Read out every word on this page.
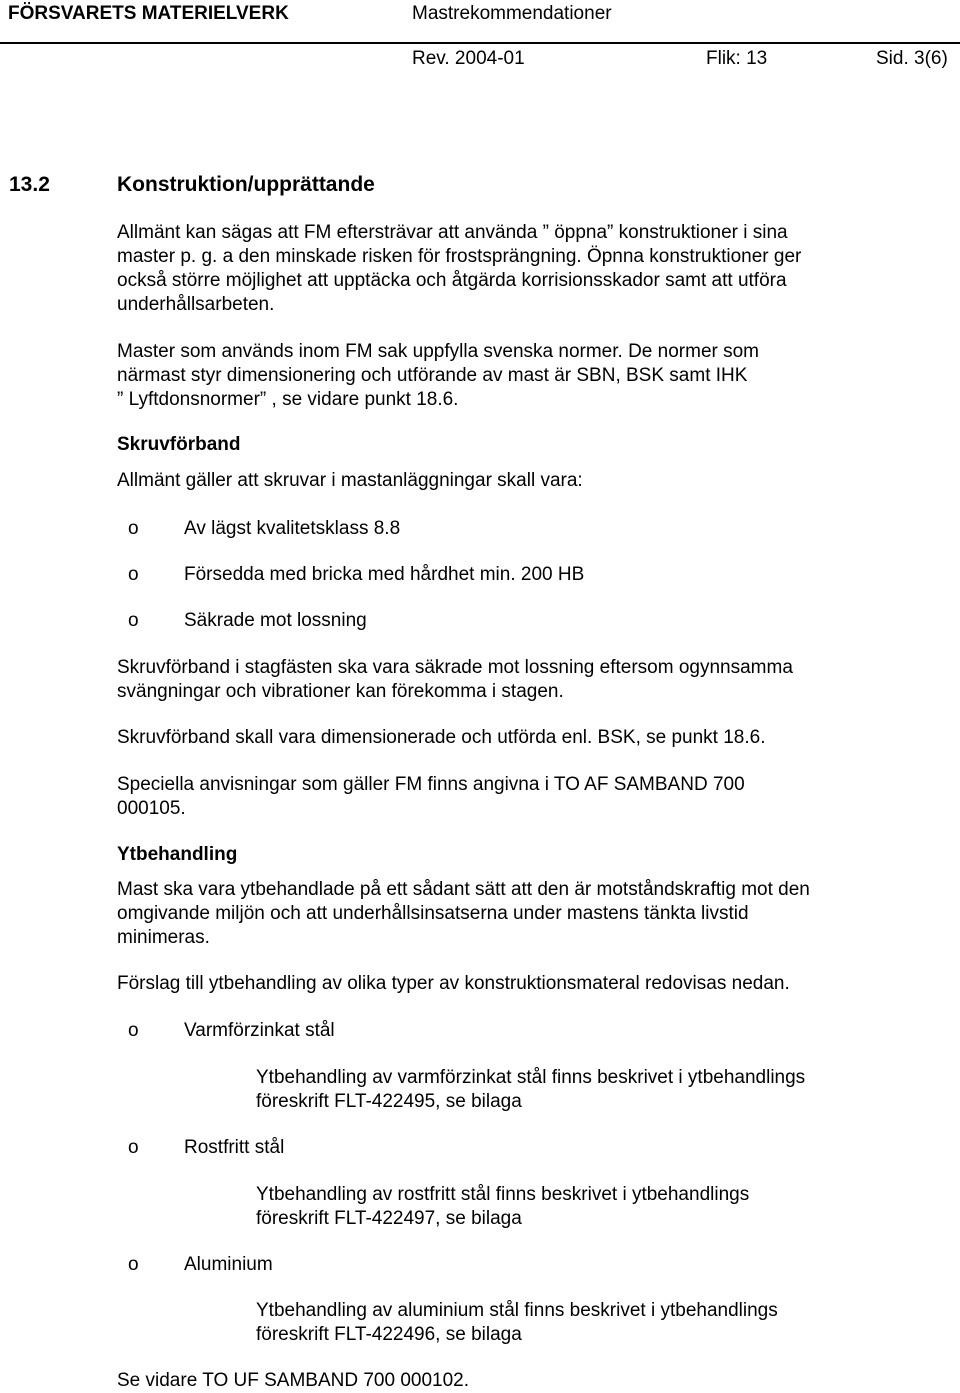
FÖRSVARETS MATERIELVERK	Mastrekommendationer
Rev. 2004-01	Flik: 13	Sid. 3(6)
13.2	Konstruktion/upprättande
Allmänt kan sägas att FM eftersträvar att använda ” öppna” konstruktioner i sina
master p. g. a den minskade risken för frostsprängning. Öpnna konstruktioner ger
också större möjlighet att upptäcka och åtgärda korrisionsskador samt att utföra
underhållsarbeten.
Master som används inom FM sak uppfylla svenska normer. De normer som
närmast styr dimensionering och utförande av mast är SBN, BSK samt IHK
” Lyftdonsnormer” , se vidare punkt 18.6.
Skruvförband
Allmänt gäller att skruvar i mastanläggningar skall vara:
o Av lägst kvalitetsklass 8.8
o Försedda med bricka med hårdhet min. 200 HB
o Säkrade mot lossning
Skruvförband i stagfästen ska vara säkrade mot lossning eftersom ogynnsamma
svängningar och vibrationer kan förekomma i stagen.
Skruvförband skall vara dimensionerade och utförda enl. BSK, se punkt 18.6.
Speciella anvisningar som gäller FM finns angivna i TO AF SAMBAND 700
000105.
Ytbehandling
Mast ska vara ytbehandlade på ett sådant sätt att den är motståndskraftig mot den
omgivande miljön och att underhållsinsatserna under mastens tänkta livstid
minimeras.
Förslag till ytbehandling av olika typer av konstruktionsmateral redovisas nedan.
o Varmförzinkat stål
Ytbehandling av varmförzinkat stål finns beskrivet i ytbehandlings
föreskrift FLT-422495, se bilaga
o Rostfritt stål
Ytbehandling av rostfritt stål finns beskrivet i ytbehandlings
föreskrift FLT-422497, se bilaga
o Aluminium
Ytbehandling av aluminium stål finns beskrivet i ytbehandlings
föreskrift FLT-422496, se bilaga
Se vidare TO UF SAMBAND 700 000102.
